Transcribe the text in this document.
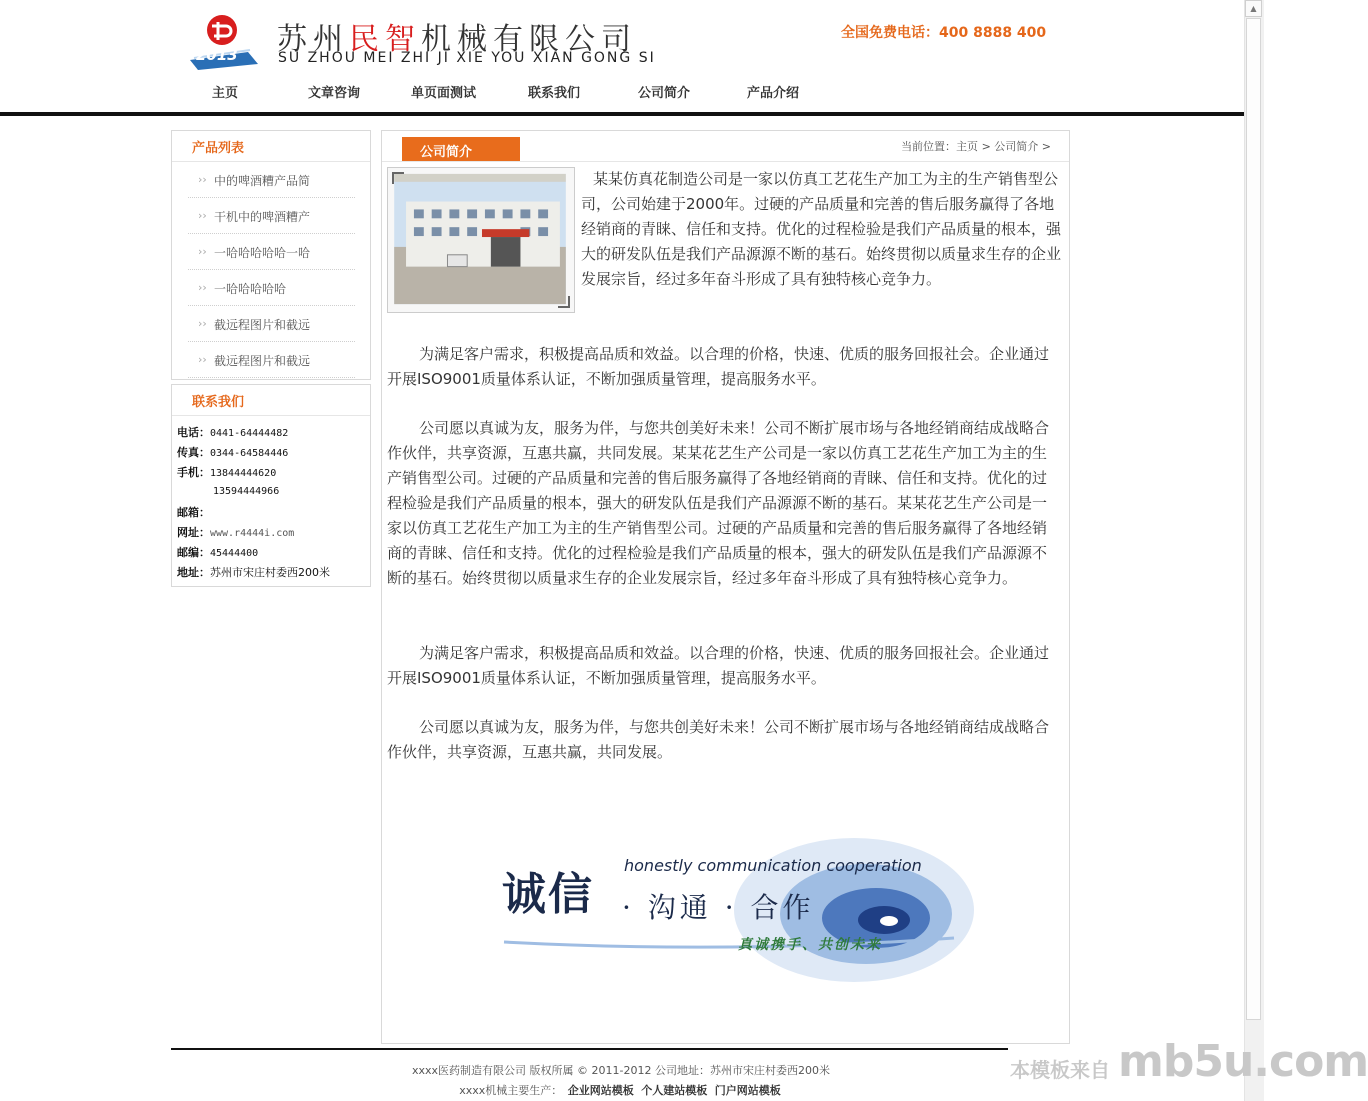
▲
2013 苏州民智机械有限公司
SU ZHOU MEI ZHI JI XIE YOU XIAN GONG SI
全国免费电话：400 8888 400
主页	文章咨询	单页面测试	联系我们	公司简介	产品介绍
产品列表
›› 中的啤酒糟产品简
›› 干机中的啤酒糟产
›› 一哈哈哈哈哈一哈
›› 一哈哈哈哈哈
›› 截远程图片和截远
›› 截远程图片和截远
联系我们
电话：0441-64444482
传真：0344-64584446
手机：13844444620
13594444966
邮箱：
网址：www.r4444i.com
邮编：45444400
地址：苏州市宋庄村委西200米
公司简介	当前位置：主页 > 公司简介 >
某某仿真花制造公司是一家以仿真工艺花生产加工为主的生产销售型公司，公司始建于2000年。过硬的产品质量和完善的售后服务赢得了各地经销商的青睐、信任和支持。优化的过程检验是我们产品质量的根本，强大的研发队伍是我们产品源源不断的基石。始终贯彻以质量求生存的企业发展宗旨，经过多年奋斗形成了具有独特核心竞争力。
为满足客户需求，积极提高品质和效益。以合理的价格，快速、优质的服务回报社会。企业通过开展ISO9001质量体系认证，不断加强质量管理，提高服务水平。
公司愿以真诚为友，服务为伴，与您共创美好未来！公司不断扩展市场与各地经销商结成战略合作伙伴，共享资源，互惠共赢，共同发展。某某花艺生产公司是一家以仿真工艺花生产加工为主的生产销售型公司。过硬的产品质量和完善的售后服务赢得了各地经销商的青睐、信任和支持。优化的过程检验是我们产品质量的根本，强大的研发队伍是我们产品源源不断的基石。某某花艺生产公司是一家以仿真工艺花生产加工为主的生产销售型公司。过硬的产品质量和完善的售后服务赢得了各地经销商的青睐、信任和支持。优化的过程检验是我们产品质量的根本，强大的研发队伍是我们产品源源不断的基石。始终贯彻以质量求生存的企业发展宗旨，经过多年奋斗形成了具有独特核心竞争力。
为满足客户需求，积极提高品质和效益。以合理的价格，快速、优质的服务回报社会。企业通过开展ISO9001质量体系认证，不断加强质量管理，提高服务水平。
公司愿以真诚为友，服务为伴，与您共创美好未来！公司不断扩展市场与各地经销商结成战略合作伙伴，共享资源，互惠共赢，共同发展。
诚信 · 沟通 · 合作
honestly communication cooperation
真诚携手、共创未来
xxxx医药制造有限公司 版权所属 © 2011-2012 公司地址：苏州市宋庄村委西200米
xxxx机械主要生产： 企业网站模板 个人建站模板 门户网站模板
本模板来自 mb5u.com
